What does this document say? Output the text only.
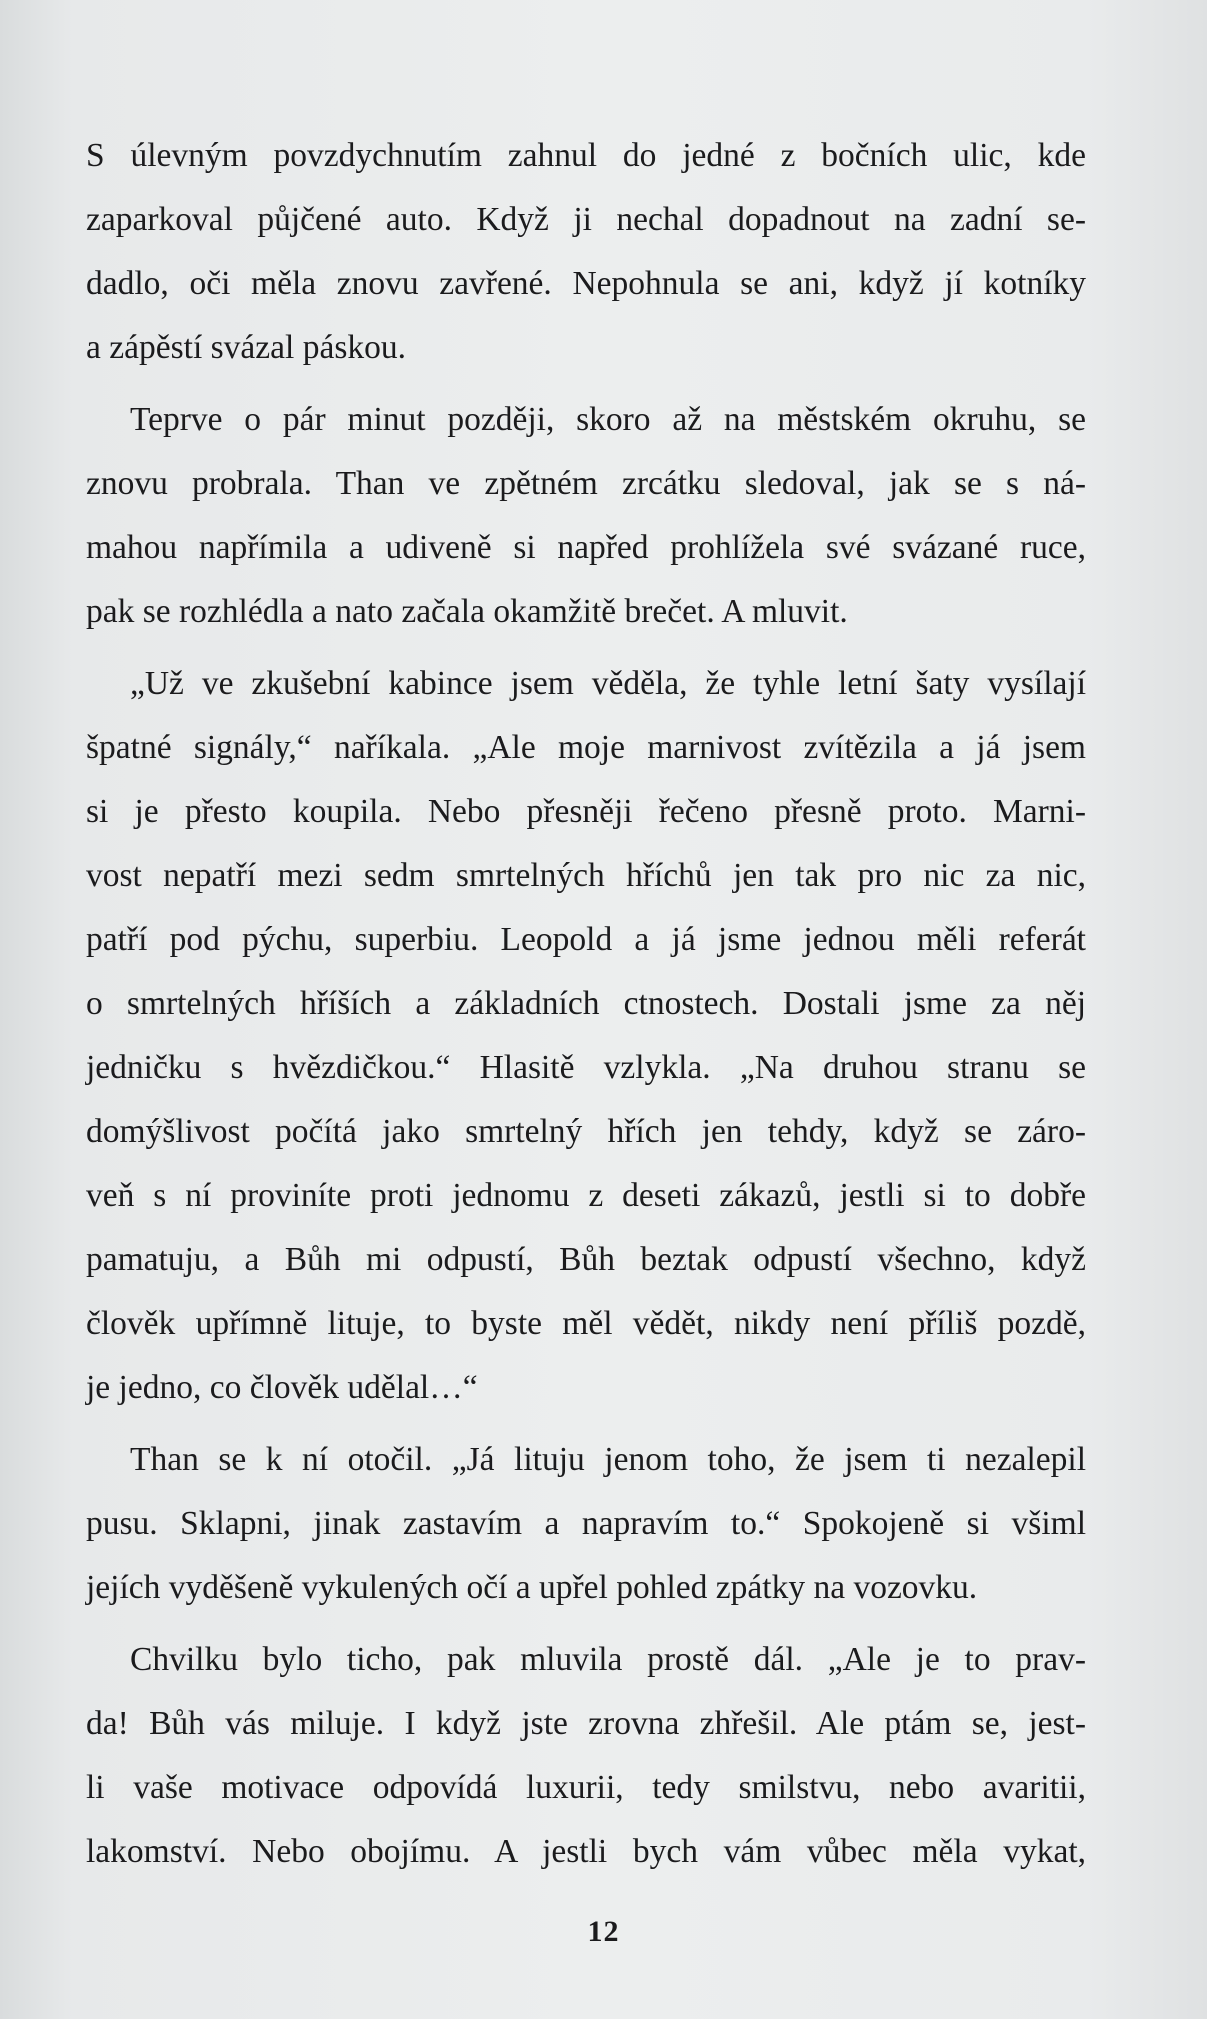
S úlevným povzdychnutím zahnul do jedné z bočních ulic, kde
zaparkoval půjčené auto. Když ji nechal dopadnout na zadní se-
dadlo, oči měla znovu zavřené. Nepohnula se ani, když jí kotníky
a zápěstí svázal páskou.
Teprve o pár minut později, skoro až na městském okruhu, se
znovu probrala. Than ve zpětném zrcátku sledoval, jak se s ná-
mahou napřímila a udiveně si napřed prohlížela své svázané ruce,
pak se rozhlédla a nato začala okamžitě brečet. A mluvit.
„Už ve zkušební kabince jsem věděla, že tyhle letní šaty vysílají
špatné signály,“ naříkala. „Ale moje marnivost zvítězila a já jsem
si je přesto koupila. Nebo přesněji řečeno přesně proto. Marni-
vost nepatří mezi sedm smrtelných hříchů jen tak pro nic za nic,
patří pod pýchu, superbiu. Leopold a já jsme jednou měli referát
o smrtelných hříších a základních ctnostech. Dostali jsme za něj
jedničku s hvězdičkou.“ Hlasitě vzlykla. „Na druhou stranu se
domýšlivost počítá jako smrtelný hřích jen tehdy, když se záro-
veň s ní proviníte proti jednomu z deseti zákazů, jestli si to dobře
pamatuju, a Bůh mi odpustí, Bůh beztak odpustí všechno, když
člověk upřímně lituje, to byste měl vědět, nikdy není příliš pozdě,
je jedno, co člověk udělal…“
Than se k ní otočil. „Já lituju jenom toho, že jsem ti nezalepil
pusu. Sklapni, jinak zastavím a napravím to.“ Spokojeně si všiml
jejích vyděšeně vykulených očí a upřel pohled zpátky na vozovku.
Chvilku bylo ticho, pak mluvila prostě dál. „Ale je to prav-
da! Bůh vás miluje. I když jste zrovna zhřešil. Ale ptám se, jest-
li vaše motivace odpovídá luxurii, tedy smilstvu, nebo avaritii,
lakomství. Nebo obojímu. A jestli bych vám vůbec měla vykat,
12
